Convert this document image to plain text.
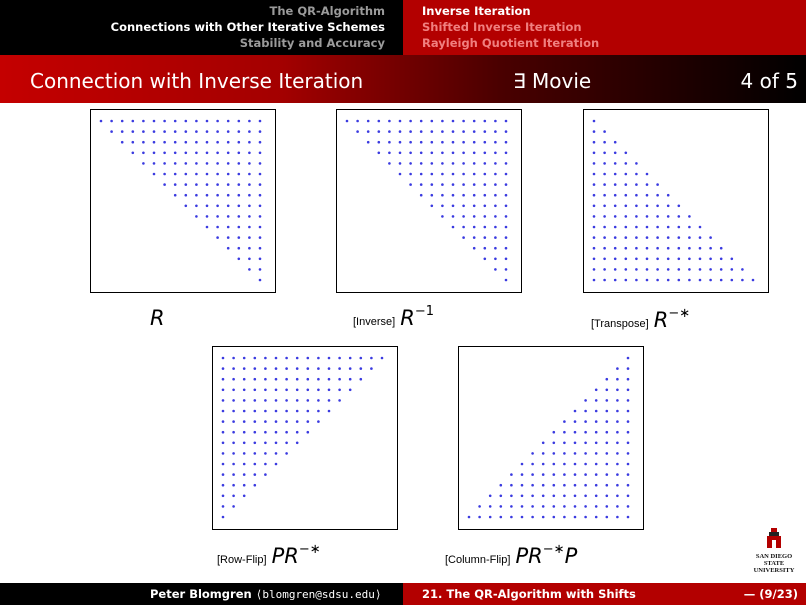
The QR-Algorithm
Connections with Other Iterative Schemes
Stability and Accuracy
Inverse Iteration
Shifted Inverse Iteration
Rayleigh Quotient Iteration
Connection with Inverse Iteration	∃ Movie	4 of 5
R	[Inverse] $R^{-1}$
[Transpose] R−∗
[Row-Flip] PR−∗
[Column-Flip] PR−∗P	SAN DIEGO STATE
UNIVERSITY
Peter Blomgren ⟨blomgren@sdsu.edu⟩	21. The QR-Algorithm with Shifts	— (9/23)
